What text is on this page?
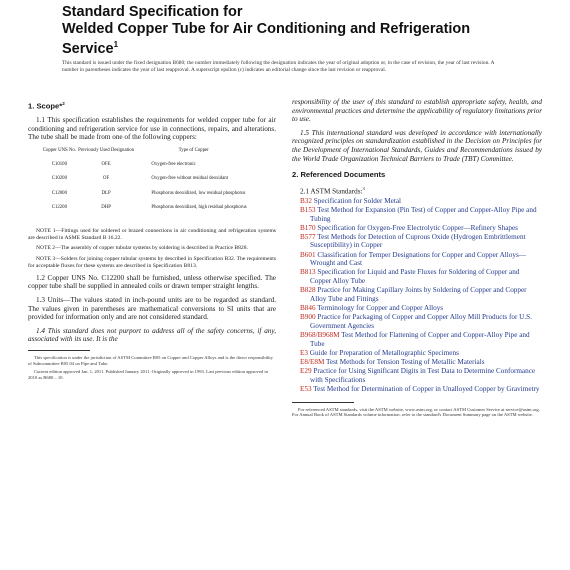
Standard Specification for
Welded Copper Tube for Air Conditioning and Refrigeration
Service$^1$
This standard is issued under the fixed designation B680; the number immediately following the designation indicates the year of original adoption or, in the case of revision, the year of last revision. A number in parentheses indicates the year of last reapproval. A superscript epsilon (ε) indicates an editorial change since the last revision or reapproval.
1. Scope*$^2$

1.1 This specification establishes the requirements for welded copper tube for air conditioning and refrigeration service for use in connections, repairs, and alterations. The tube shall be made from one of the following coppers:

Copper UNS No.	Previously Used Designation	Type of Copper
C10100	OFE	Oxygen-free electronic
C10200	OF	Oxygen-free without residual deoxidant
C12000	DLP	Phosphorus deoxidized, low residual phosphorus
C12200	DHP	Phosphorus deoxidized, high residual phosphorus

NOTE 1—Fittings used for soldered or brazed connections in air conditioning and refrigeration systems are described in ASME Standard B 16.22.

NOTE 2—The assembly of copper tubular systems by soldering is described in Practice B828.

NOTE 3—Solders for joining copper tubular systems by described in Specification B32. The requirements for acceptable fluxes for these systems are described in Specification B813.

1.2 Copper UNS No. C12200 shall be furnished, unless otherwise specified. The copper tube shall be supplied in annealed coils or drawn temper straight lengths.

1.3 Units—The values stated in inch-pound units are to be regarded as standard. The values given in parentheses are mathematical conversions to SI units that are provided for information only and are not considered standard.

1.4 This standard does not purport to address all of the safety concerns, if any, associated with its use. It is the

This specification is under the jurisdiction of ASTM Committee B05 on Copper and Copper Alloys and is the direct responsibility of Subcommittee B05.04 on Pipe and Tube.

Current edition approved Jan. 1, 2011. Published January 2011. Originally approved in 1993. Last previous edition approved in 2010 as B680 – 10.

responsibility of the user of this standard to establish appropriate safety, health, and environmental practices and determine the applicability of regulatory limitations prior to use.

1.5 This international standard was developed in accordance with internationally recognized principles on standardization established in the Decision on Principles for the Development of International Standards, Guides and Recommendations issued by the World Trade Organization Technical Barriers to Trade (TBT) Committee.

2. Referenced Documents

2.1 ASTM Standards:$^3$

B32 Specification for Solder Metal

B153 Test Method for Expansion (Pin Test) of Copper and Copper-Alloy Pipe and Tubing

B170 Specification for Oxygen-Free Electrolytic Copper—Refinery Shapes

B577 Test Methods for Detection of Cuprous Oxide (Hydrogen Embrittlement Susceptibility) in Copper

B601 Classification for Temper Designations for Copper and Copper Alloys—Wrought and Cast

B813 Specification for Liquid and Paste Fluxes for Soldering of Copper and Copper Alloy Tube

B828 Practice for Making Capillary Joints by Soldering of Copper and Copper Alloy Tube and Fittings

B846 Terminology for Copper and Copper Alloys

B900 Practice for Packaging of Copper and Copper Alloy Mill Products for U.S. Government Agencies

B968/B968M Test Method for Flattening of Copper and Copper-Alloy Pipe and Tube

E3 Guide for Preparation of Metallographic Specimens

E8/E8M Test Methods for Tension Testing of Metallic Materials

E29 Practice for Using Significant Digits in Test Data to Determine Conformance with Specifications

E53 Test Method for Determination of Copper in Unalloyed Copper by Gravimetry

For referenced ASTM standards, visit the ASTM website, www.astm.org, or contact ASTM Customer Service at service@astm.org. For Annual Book of ASTM Standards volume information, refer to the standard's Document Summary page on the ASTM website.
